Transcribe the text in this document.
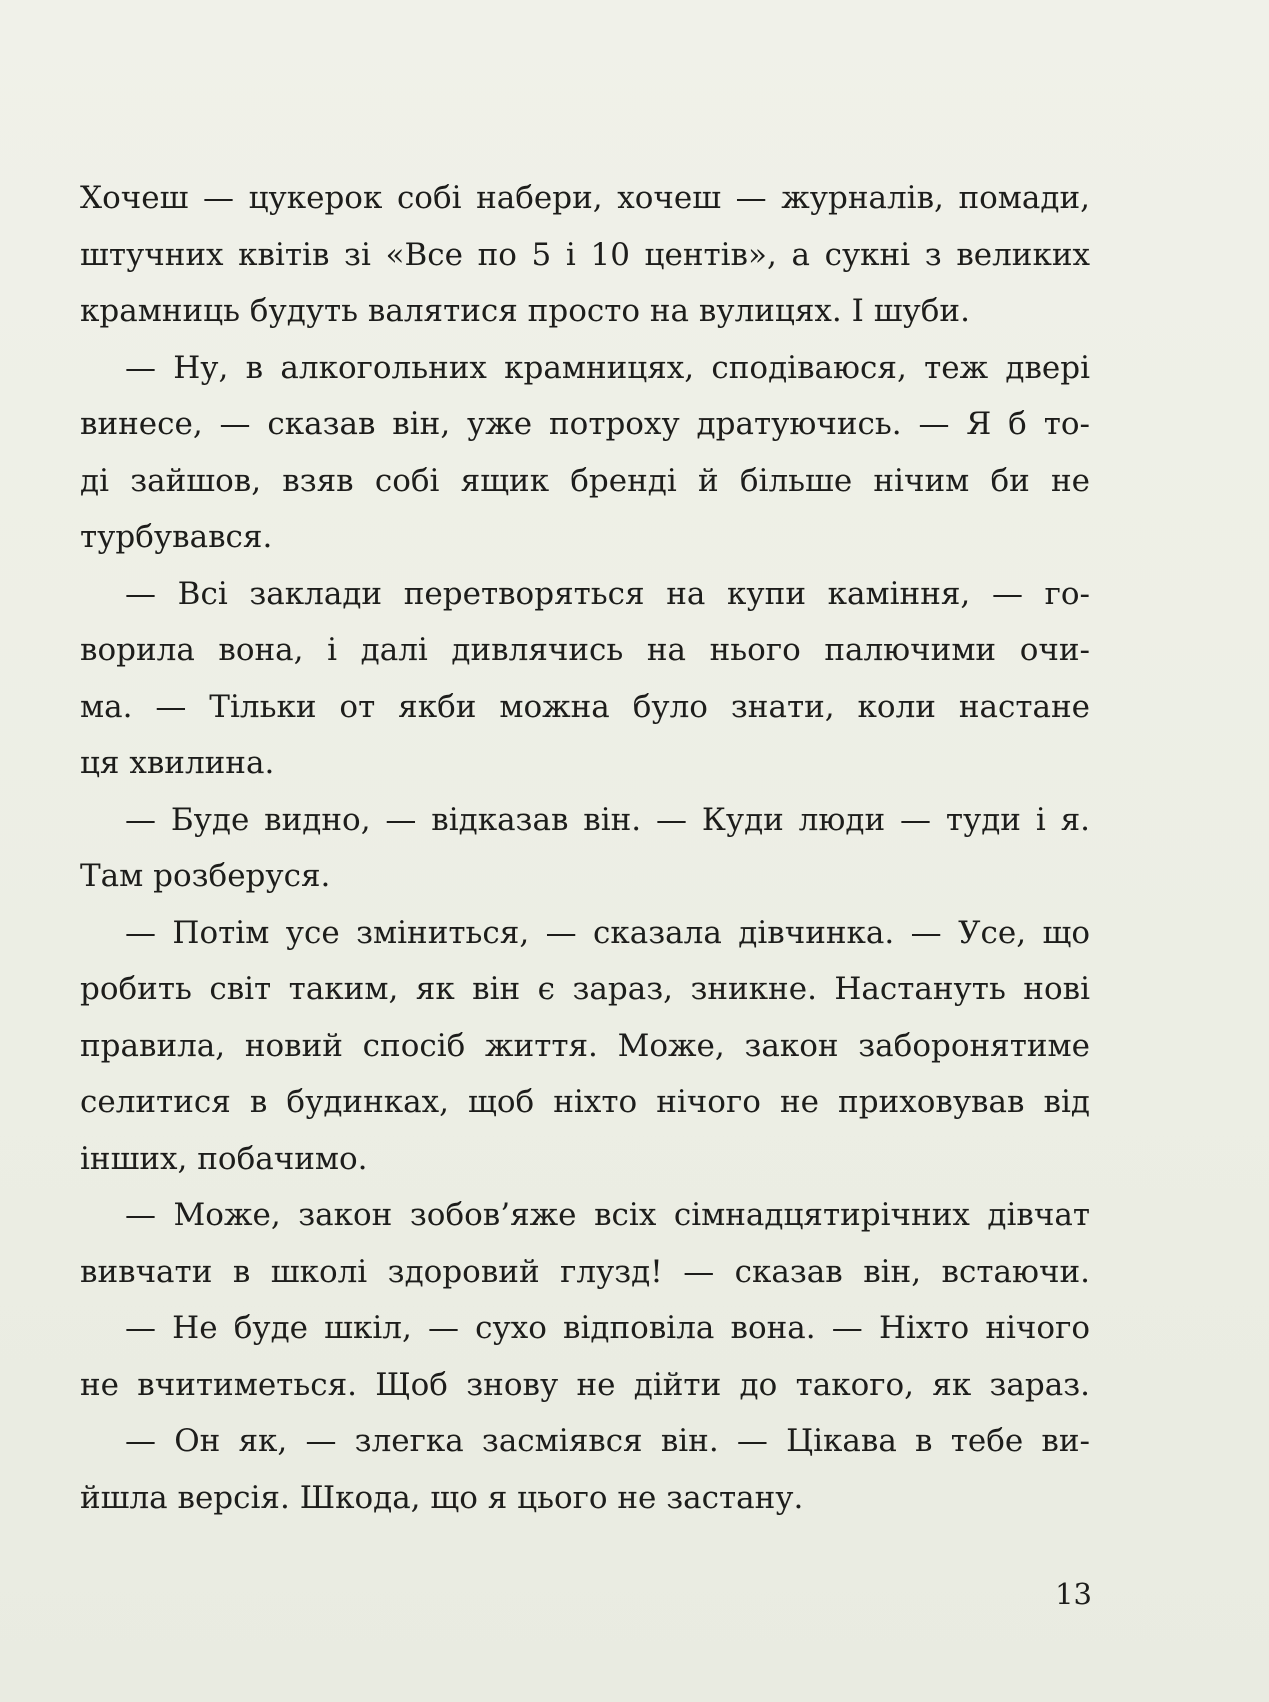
Хочеш — цукерок собі набери, хочеш — журналів, помади,
штучних квітів зі «Все по 5 і 10 центів», а сукні з великих
крамниць будуть валятися просто на вулицях. І шуби.
— Ну, в алкогольних крамницях, сподіваюся, теж двері
винесе, — сказав він, уже потроху дратуючись. — Я б то-
ді зайшов, взяв собі ящик бренді й більше нічим би не
турбувався.
— Всі заклади перетворяться на купи каміння, — го-
ворила вона, і далі дивлячись на нього палючими очи-
ма. — Тільки от якби можна було знати, коли настане
ця хвилина.
— Буде видно, — відказав він. — Куди люди — туди і я.
Там розберуся.
— Потім усе зміниться, — сказала дівчинка. — Усе, що
робить світ таким, як він є зараз, зникне. Настануть нові
правила, новий спосіб життя. Може, закон заборонятиме
селитися в будинках, щоб ніхто нічого не приховував від
інших, побачимо.
— Може, закон зобов’яже всіх сімнадцятирічних дівчат
вивчати в школі здоровий глузд! — сказав він, встаючи.
— Не буде шкіл, — сухо відповіла вона. — Ніхто нічого
не вчитиметься. Щоб знову не дійти до такого, як зараз.
— Он як, — злегка засміявся він. — Цікава в тебе ви-
йшла версія. Шкода, що я цього не застану.
13
